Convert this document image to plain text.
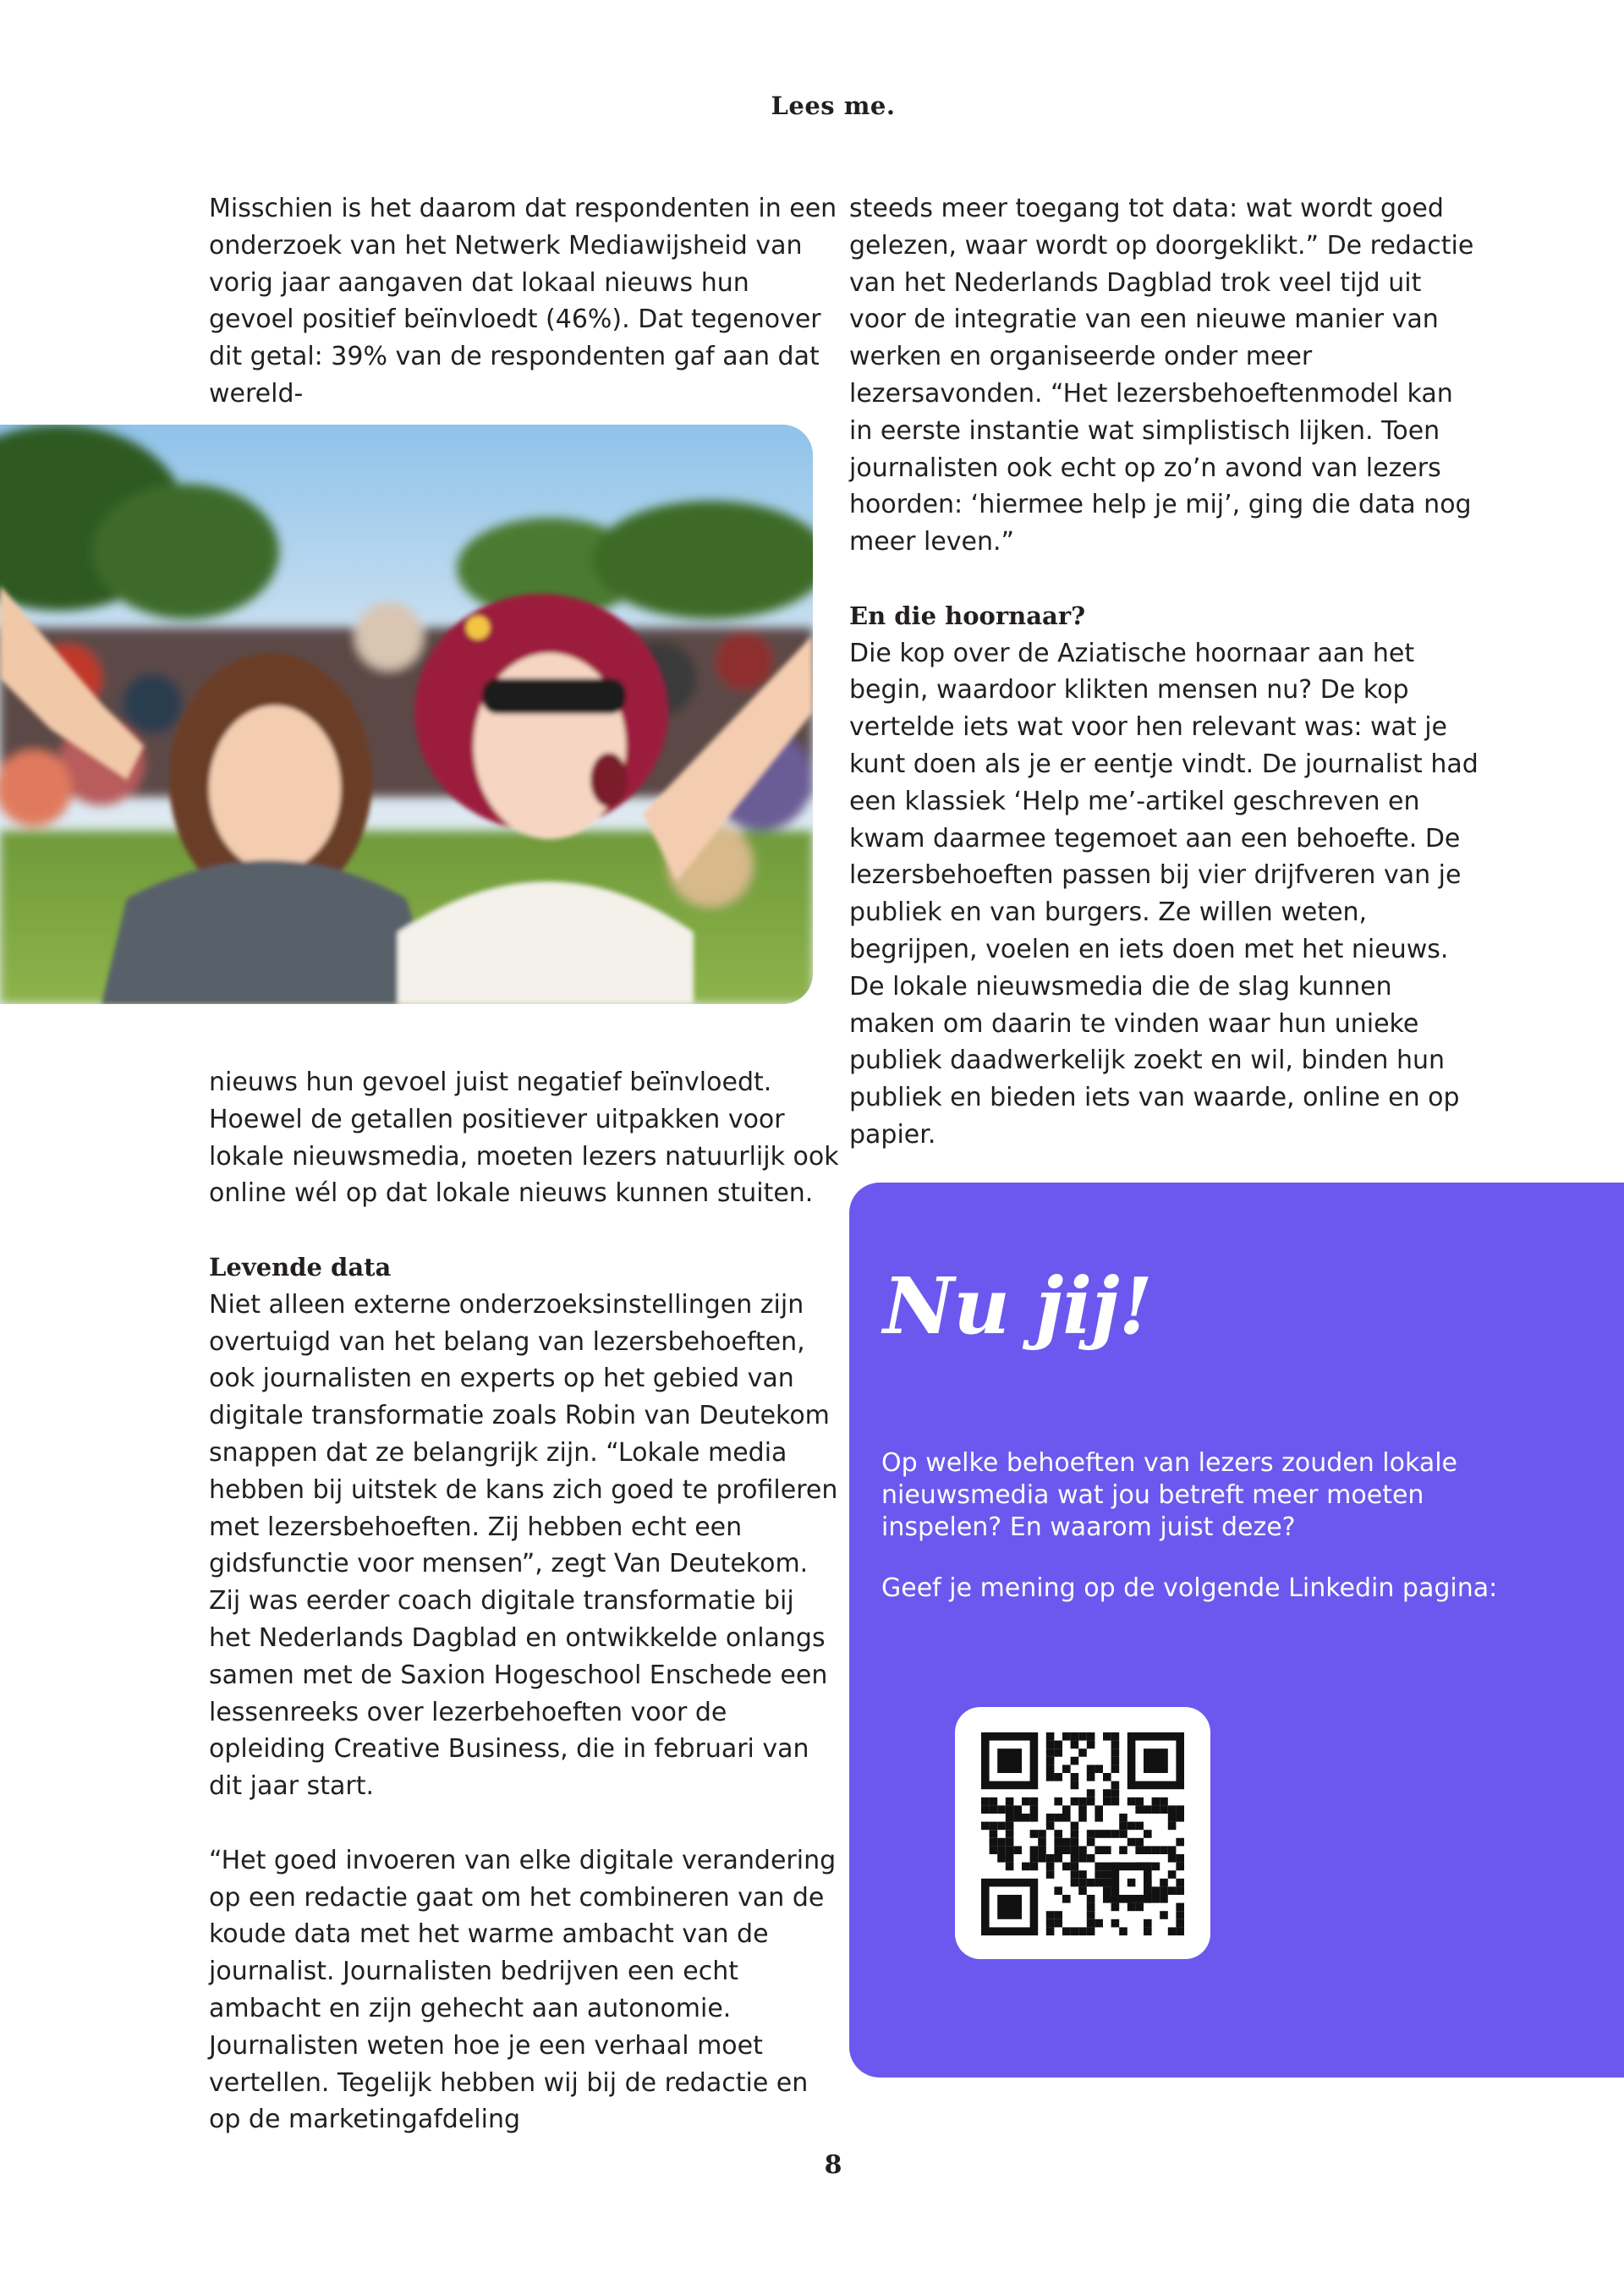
Lees me.

Misschien is het daarom dat respondenten in een onderzoek van het Netwerk Mediawijsheid van vorig jaar aangaven dat lokaal nieuws hun gevoel positief beïnvloedt (46%). Dat tegenover dit getal: 39% van de respondenten gaf aan dat wereld-

nieuws hun gevoel juist negatief beïnvloedt. Hoewel de getallen positiever uitpakken voor lokale nieuwsmedia, moeten lezers natuurlijk ook online wél op dat lokale nieuws kunnen stuiten.

Levende data

Niet alleen externe onderzoeksinstellingen zijn overtuigd van het belang van lezersbehoeften, ook journalisten en experts op het gebied van digitale transformatie zoals Robin van Deutekom snappen dat ze belangrijk zijn. “Lokale media hebben bij uitstek de kans zich goed te profileren met lezersbehoeften. Zij hebben echt een gidsfunctie voor mensen”, zegt Van Deutekom. Zij was eerder coach digitale transformatie bij het Nederlands Dagblad en ontwikkelde onlangs samen met de Saxion Hogeschool Enschede een lessenreeks over lezerbehoeften voor de opleiding Creative Business, die in februari van dit jaar start.

“Het goed invoeren van elke digitale verandering op een redactie gaat om het combineren van de koude data met het warme ambacht van de journalist. Journalisten bedrijven een echt ambacht en zijn gehecht aan autonomie. Journalisten weten hoe je een verhaal moet vertellen. Tegelijk hebben wij bij de redactie en op de marketingafdeling

steeds meer toegang tot data: wat wordt goed gelezen, waar wordt op doorgeklikt.” De redactie van het Nederlands Dagblad trok veel tijd uit voor de integratie van een nieuwe manier van werken en organiseerde onder meer lezersavonden. “Het lezersbehoeftenmodel kan in eerste instantie wat simplistisch lijken. Toen journalisten ook echt op zo’n avond van lezers hoorden: ‘hiermee help je mij’, ging die data nog meer leven.”

En die hoornaar?

Die kop over de Aziatische hoornaar aan het begin, waardoor klikten mensen nu? De kop vertelde iets wat voor hen relevant was: wat je kunt doen als je er eentje vindt. De journalist had een klassiek ‘Help me’-artikel geschreven en kwam daarmee tegemoet aan een behoefte. De lezersbehoeften passen bij vier drijfveren van je publiek en van burgers. Ze willen weten, begrijpen, voelen en iets doen met het nieuws. De lokale nieuwsmedia die de slag kunnen maken om daarin te vinden waar hun unieke publiek daadwerkelijk zoekt en wil, binden hun publiek en bieden iets van waarde, online en op papier.

Nu jij!
Op welke behoeften van lezers zouden lokale nieuwsmedia wat jou betreft meer moeten inspelen? En waarom juist deze?
Geef je mening op de volgende Linkedin pagina:
8
